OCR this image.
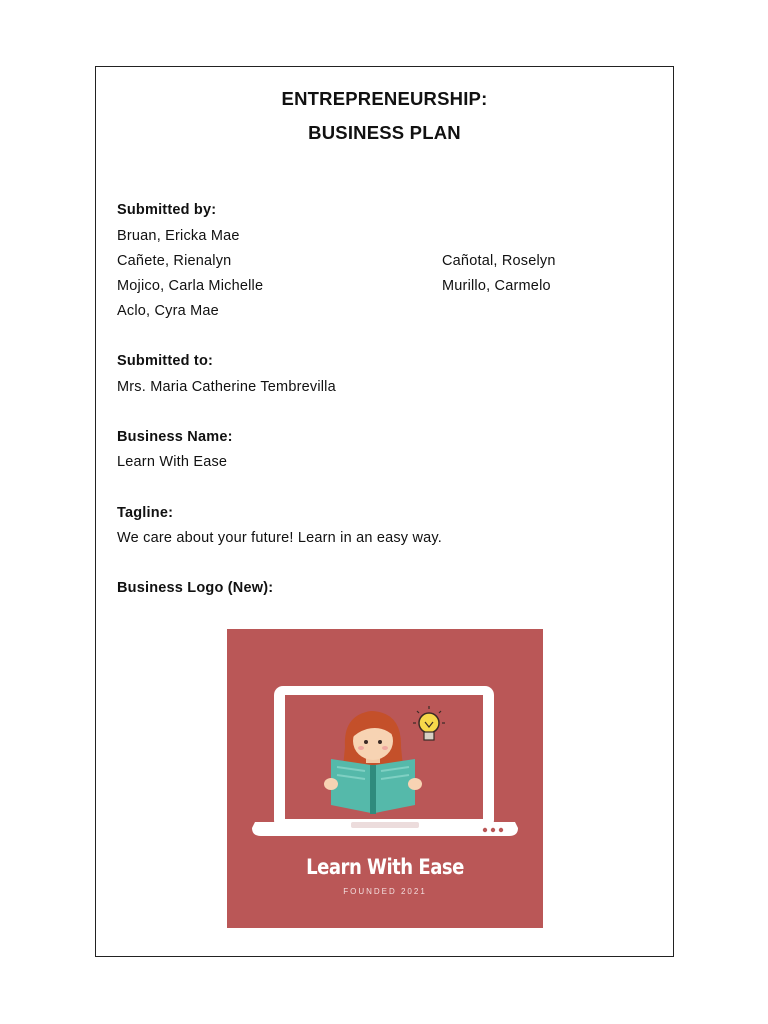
ENTREPRENEURSHIP:
BUSINESS PLAN
Submitted by:
Bruan, Ericka Mae
Cañete, Rienalyn	Cañotal, Roselyn
Mojico, Carla Michelle	Murillo, Carmelo
Aclo, Cyra Mae
Submitted to:
Mrs. Maria Catherine Tembrevilla
Business Name:
Learn With Ease
Tagline:
We care about your future! Learn in an easy way.
Business Logo (New):
Learn With Ease
FOUNDED 2021
